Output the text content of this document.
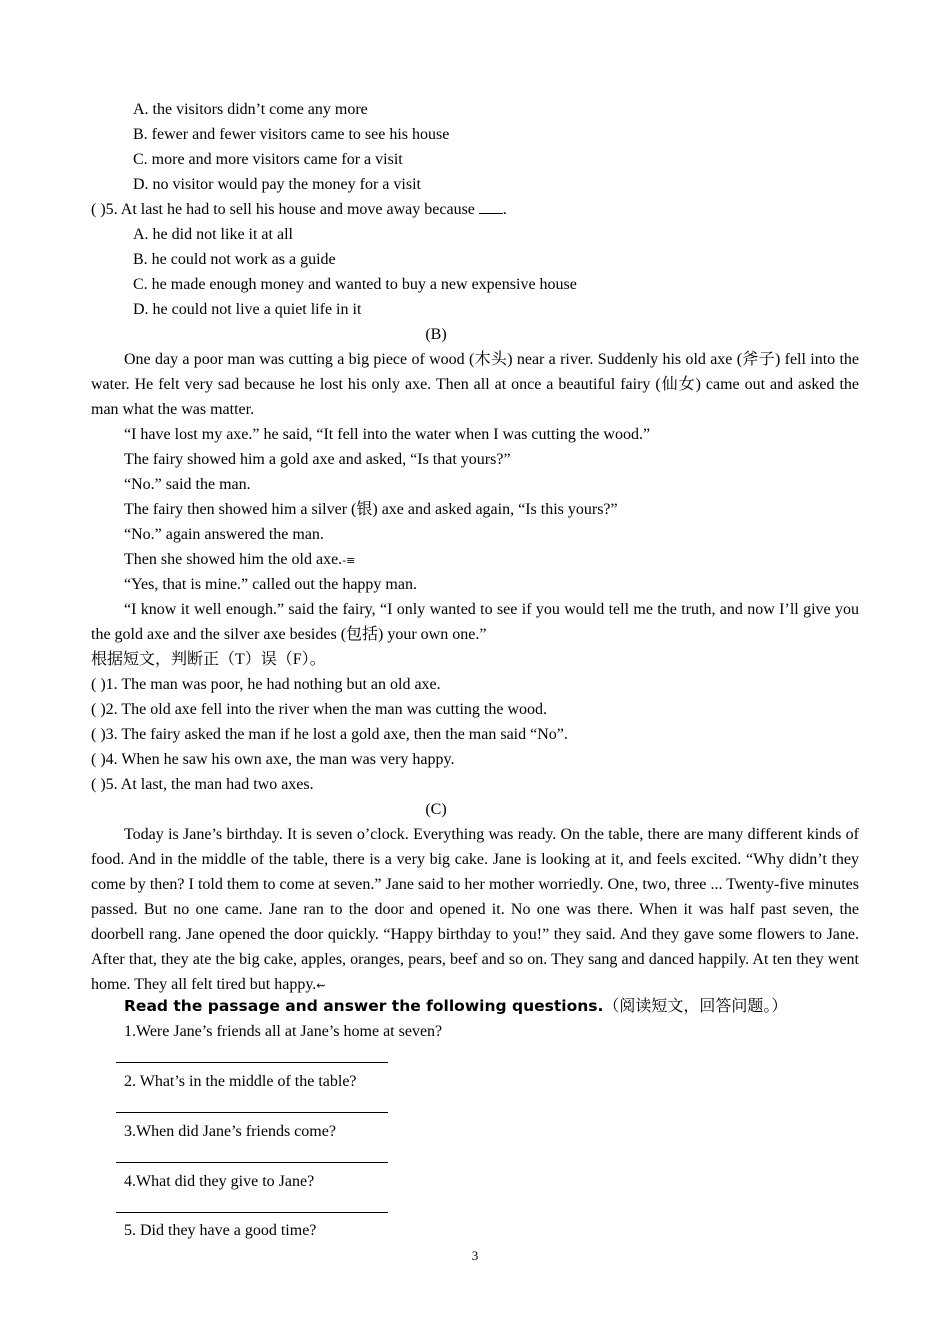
A. the visitors didn’t come any more
B. fewer and fewer visitors came to see his house
C. more and more visitors came for a visit
D. no visitor would pay the money for a visit
( )5. At last he had to sell his house and move away because .
A. he did not like it at all
B. he could not work as a guide
C. he made enough money and wanted to buy a new expensive house
D. he could not live a quiet life in it
(B)
One day a poor man was cutting a big piece of wood (木头) near a river. Suddenly his old axe (斧子) fell into the water. He felt very sad because he lost his only axe. Then all at once a beautiful fairy (仙女) came out and asked the man what the was matter.
“I have lost my axe.” he said, “It fell into the water when I was cutting the wood.”
The fairy showed him a gold axe and asked, “Is that yours?”
“No.” said the man.
The fairy then showed him a silver (银) axe and asked again, “Is this yours?”
“No.” again answered the man.
Then she showed him the old axe.-≡
“Yes, that is mine.” called out the happy man.
“I know it well enough.” said the fairy, “I only wanted to see if you would tell me the truth, and now I’ll give you the gold axe and the silver axe besides (包括) your own one.”
根据短文，判断正（T）误（F）。
( )1. The man was poor, he had nothing but an old axe.
( )2. The old axe fell into the river when the man was cutting the wood.
( )3. The fairy asked the man if he lost a gold axe, then the man said “No”.
( )4. When he saw his own axe, the man was very happy.
( )5. At last, the man had two axes.
(C)
Today is Jane’s birthday. It is seven o’clock. Everything was ready. On the table, there are many different kinds of food. And in the middle of the table, there is a very big cake. Jane is looking at it, and feels excited. “Why didn’t they come by then? I told them to come at seven.” Jane said to her mother worriedly. One, two, three ... Twenty-five minutes passed. But no one came. Jane ran to the door and opened it. No one was there. When it was half past seven, the doorbell rang. Jane opened the door quickly. “Happy birthday to you!” they said. And they gave some flowers to Jane. After that, they ate the big cake, apples, oranges, pears, beef and so on. They sang and danced happily. At ten they went home. They all felt tired but happy.⇜
Read the passage and answer the following questions.（阅读短文，回答问题。）
1.Were Jane’s friends all at Jane’s home at seven?
2. What’s in the middle of the table?
3.When did Jane’s friends come?
4.What did they give to Jane?
5. Did they have a good time?
3
